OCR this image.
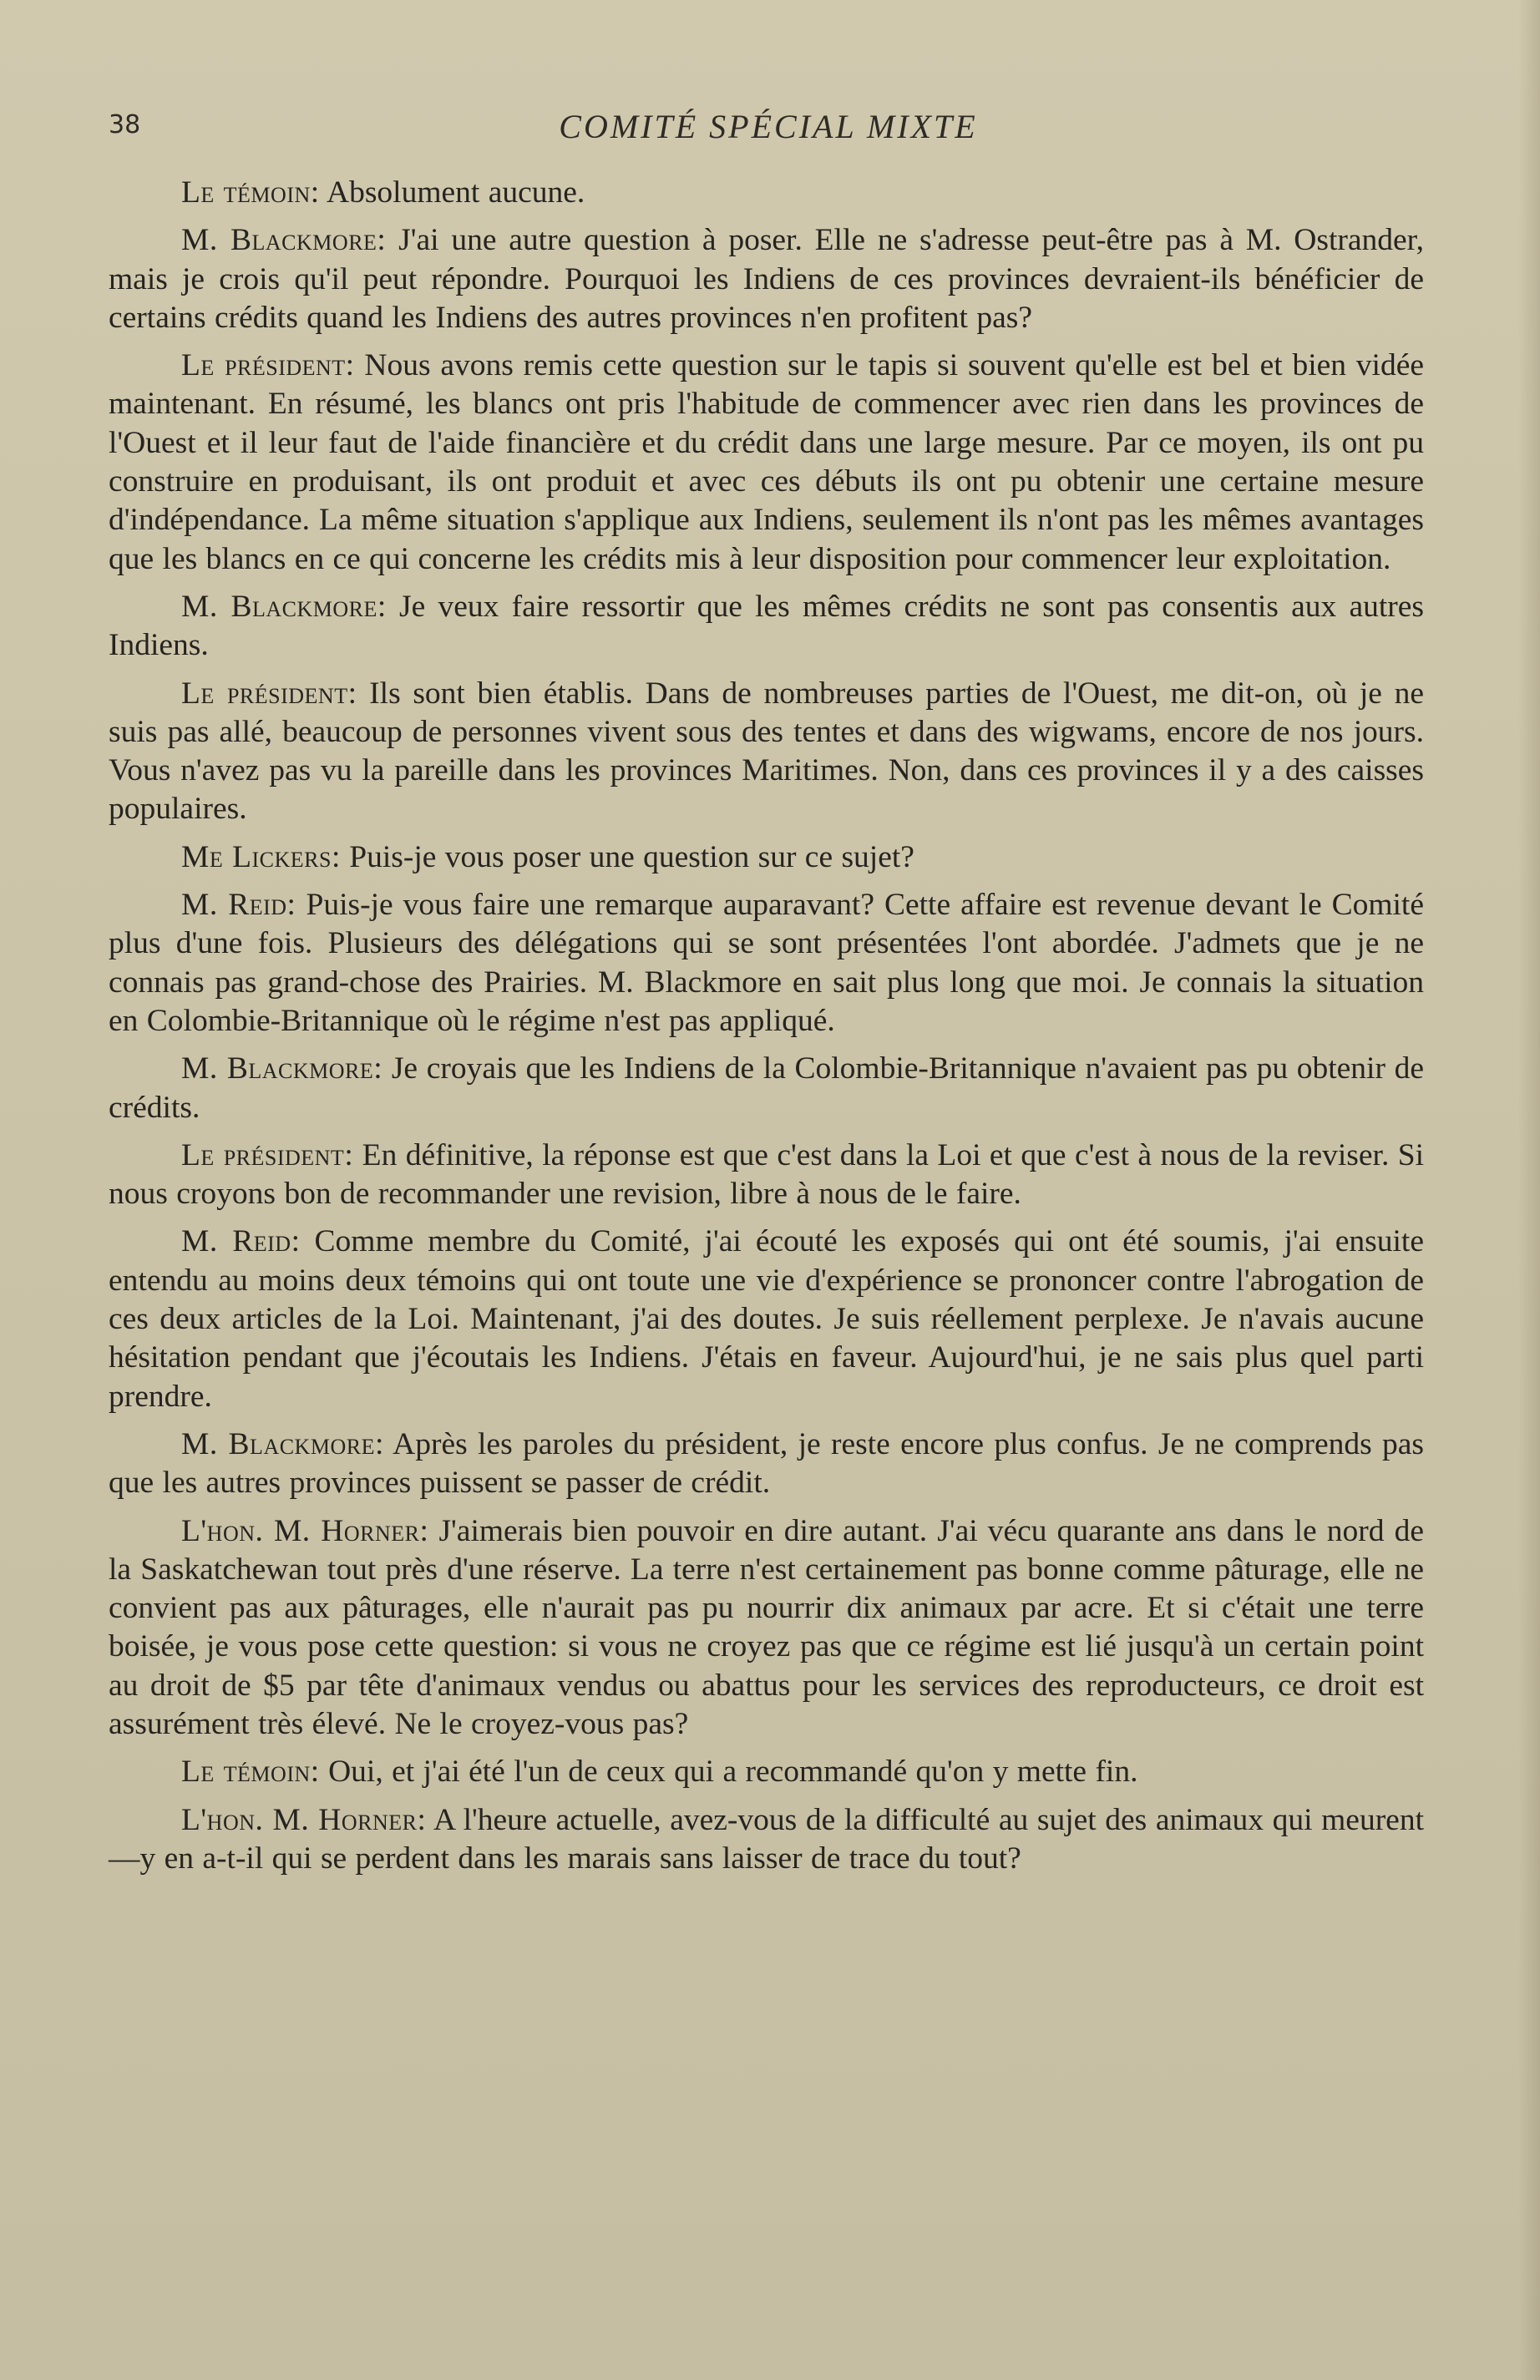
38	COMITÉ SPÉCIAL MIXTE

Le témoin: Absolument aucune.

M. Blackmore: J'ai une autre question à poser. Elle ne s'adresse peut-être pas à M. Ostrander, mais je crois qu'il peut répondre. Pourquoi les Indiens de ces provinces devraient-ils bénéficier de certains crédits quand les Indiens des autres provinces n'en profitent pas?

Le président: Nous avons remis cette question sur le tapis si souvent qu'elle est bel et bien vidée maintenant. En résumé, les blancs ont pris l'habitude de commencer avec rien dans les provinces de l'Ouest et il leur faut de l'aide financière et du crédit dans une large mesure. Par ce moyen, ils ont pu construire en produisant, ils ont produit et avec ces débuts ils ont pu obtenir une certaine mesure d'indépendance. La même situation s'applique aux Indiens, seulement ils n'ont pas les mêmes avantages que les blancs en ce qui concerne les crédits mis à leur disposition pour commencer leur exploitation.

M. Blackmore: Je veux faire ressortir que les mêmes crédits ne sont pas consentis aux autres Indiens.

Le président: Ils sont bien établis. Dans de nombreuses parties de l'Ouest, me dit-on, où je ne suis pas allé, beaucoup de personnes vivent sous des tentes et dans des wigwams, encore de nos jours. Vous n'avez pas vu la pareille dans les provinces Maritimes. Non, dans ces provinces il y a des caisses populaires.

Me Lickers: Puis-je vous poser une question sur ce sujet?

M. Reid: Puis-je vous faire une remarque auparavant? Cette affaire est revenue devant le Comité plus d'une fois. Plusieurs des délégations qui se sont présentées l'ont abordée. J'admets que je ne connais pas grand-chose des Prairies. M. Blackmore en sait plus long que moi. Je connais la situation en Colombie-Britannique où le régime n'est pas appliqué.

M. Blackmore: Je croyais que les Indiens de la Colombie-Britannique n'avaient pas pu obtenir de crédits.

Le président: En définitive, la réponse est que c'est dans la Loi et que c'est à nous de la reviser. Si nous croyons bon de recommander une revision, libre à nous de le faire.

M. Reid: Comme membre du Comité, j'ai écouté les exposés qui ont été soumis, j'ai ensuite entendu au moins deux témoins qui ont toute une vie d'expérience se prononcer contre l'abrogation de ces deux articles de la Loi. Maintenant, j'ai des doutes. Je suis réellement perplexe. Je n'avais aucune hésitation pendant que j'écoutais les Indiens. J'étais en faveur. Aujourd'hui, je ne sais plus quel parti prendre.

M. Blackmore: Après les paroles du président, je reste encore plus confus. Je ne comprends pas que les autres provinces puissent se passer de crédit.

L'hon. M. Horner: J'aimerais bien pouvoir en dire autant. J'ai vécu quarante ans dans le nord de la Saskatchewan tout près d'une réserve. La terre n'est certainement pas bonne comme pâturage, elle ne convient pas aux pâturages, elle n'aurait pas pu nourrir dix animaux par acre. Et si c'était une terre boisée, je vous pose cette question: si vous ne croyez pas que ce régime est lié jusqu'à un certain point au droit de $5 par tête d'animaux vendus ou abattus pour les services des reproducteurs, ce droit est assurément très élevé. Ne le croyez-vous pas?

Le témoin: Oui, et j'ai été l'un de ceux qui a recommandé qu'on y mette fin.

L'hon. M. Horner: A l'heure actuelle, avez-vous de la difficulté au sujet des animaux qui meurent—y en a-t-il qui se perdent dans les marais sans laisser de trace du tout?
